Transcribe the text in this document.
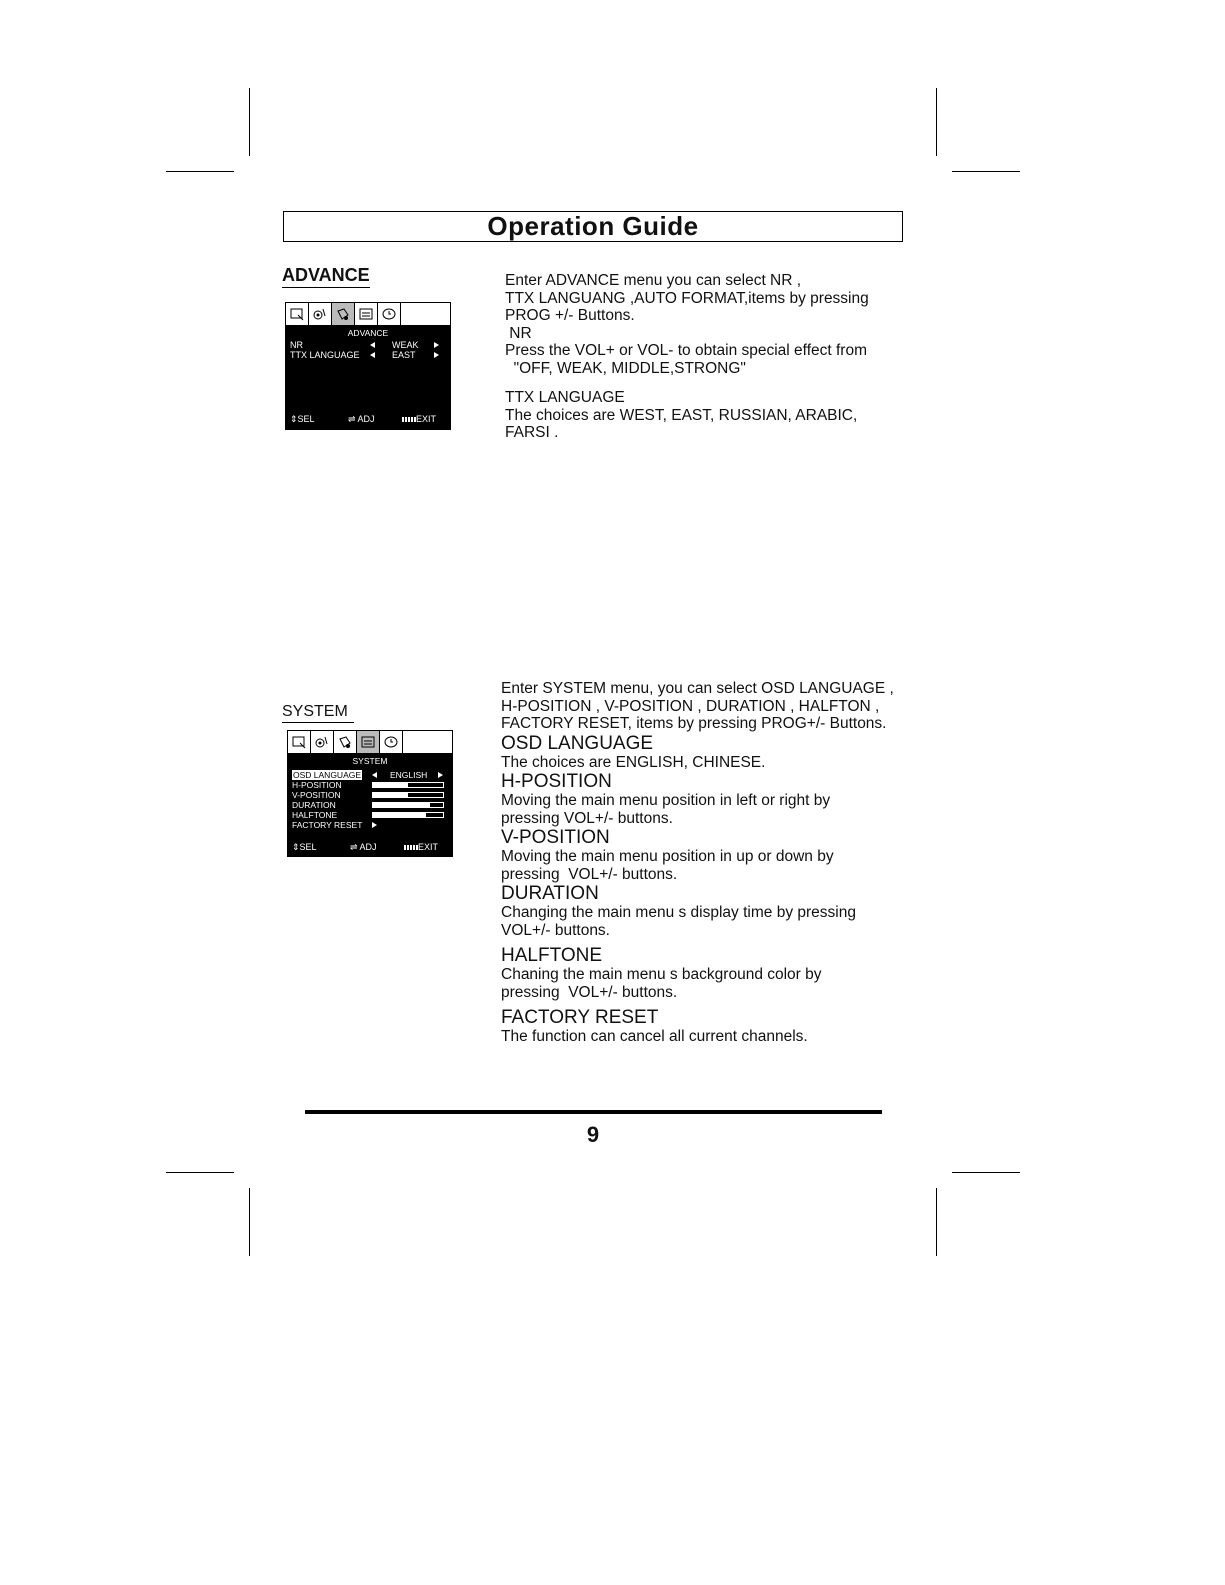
Operation Guide
ADVANCE
ADVANCE
NR	WEAK
TTX LANGUAGE	EAST
⇕SEL	⇌ ADJ	EXIT
Enter ADVANCE menu you can select NR ,
TTX LANGUANG ,AUTO FORMAT,items by pressing
PROG +/- Buttons.
NR
Press the VOL+ or VOL- to obtain special effect from
"OFF, WEAK, MIDDLE,STRONG"
TTX LANGUAGE
The choices are WEST, EAST, RUSSIAN, ARABIC,
FARSI .
SYSTEM
SYSTEM
OSD LANGUAGE	ENGLISH
H-POSITION
V-POSITION
DURATION
HALFTONE
FACTORY RESET
⇕SEL	⇌ ADJ	EXIT
Enter SYSTEM menu, you can select OSD LANGUAGE ,
H-POSITION , V-POSITION , DURATION , HALFTON ,
FACTORY RESET, items by pressing PROG+/- Buttons.
OSD LANGUAGE
The choices are ENGLISH, CHINESE.
H-POSITION
Moving the main menu position in left or right by
pressing VOL+/- buttons.
V-POSITION
Moving the main menu position in up or down by
pressing  VOL+/- buttons.
DURATION
Changing the main menu s display time by pressing
VOL+/- buttons.
HALFTONE
Chaning the main menu s background color by
pressing  VOL+/- buttons.
FACTORY RESET
The function can cancel all current channels.
9
